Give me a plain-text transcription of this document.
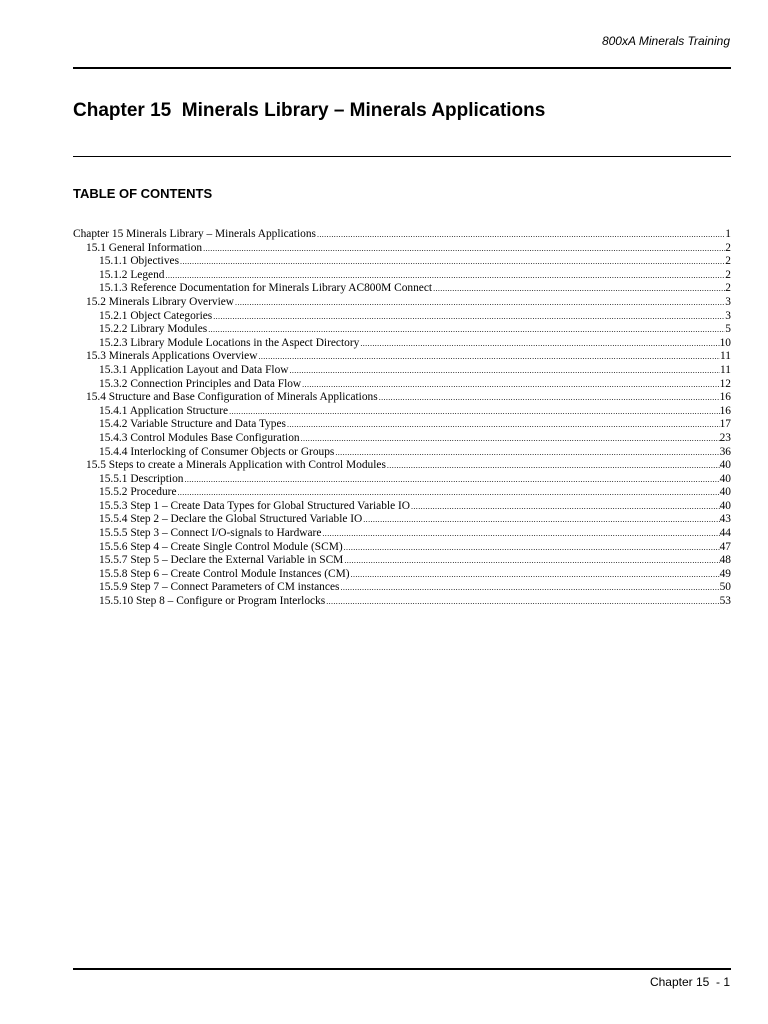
800xA Minerals Training
Chapter 15  Minerals Library – Minerals Applications
TABLE OF CONTENTS
Chapter 15 Minerals Library – Minerals Applications .....	1
15.1 General Information .....	2
15.1.1 Objectives .....	2
15.1.2 Legend .....	2
15.1.3 Reference Documentation for Minerals Library AC800M Connect .....	2
15.2 Minerals Library Overview .....	3
15.2.1 Object Categories .....	3
15.2.2 Library Modules .....	5
15.2.3 Library Module Locations in the Aspect Directory .....	10
15.3 Minerals Applications Overview .....	11
15.3.1 Application Layout and Data Flow .....	11
15.3.2 Connection Principles and Data Flow .....	12
15.4 Structure and Base Configuration of Minerals Applications .....	16
15.4.1 Application Structure .....	16
15.4.2 Variable Structure and Data Types .....	17
15.4.3 Control Modules Base Configuration .....	23
15.4.4 Interlocking of Consumer Objects or Groups .....	36
15.5 Steps to create a Minerals Application with Control Modules .....	40
15.5.1 Description .....	40
15.5.2 Procedure .....	40
15.5.3 Step 1 – Create Data Types for Global Structured Variable IO .....	40
15.5.4 Step 2 – Declare the Global Structured Variable IO .....	43
15.5.5 Step 3 – Connect I/O-signals to Hardware .....	44
15.5.6 Step 4 – Create Single Control Module (SCM) .....	47
15.5.7 Step 5 – Declare the External Variable in SCM .....	48
15.5.8 Step 6 – Create Control Module Instances (CM) .....	49
15.5.9 Step 7 – Connect Parameters of CM instances .....	50
15.5.10 Step 8 – Configure or Program Interlocks .....	53
Chapter 15  - 1
